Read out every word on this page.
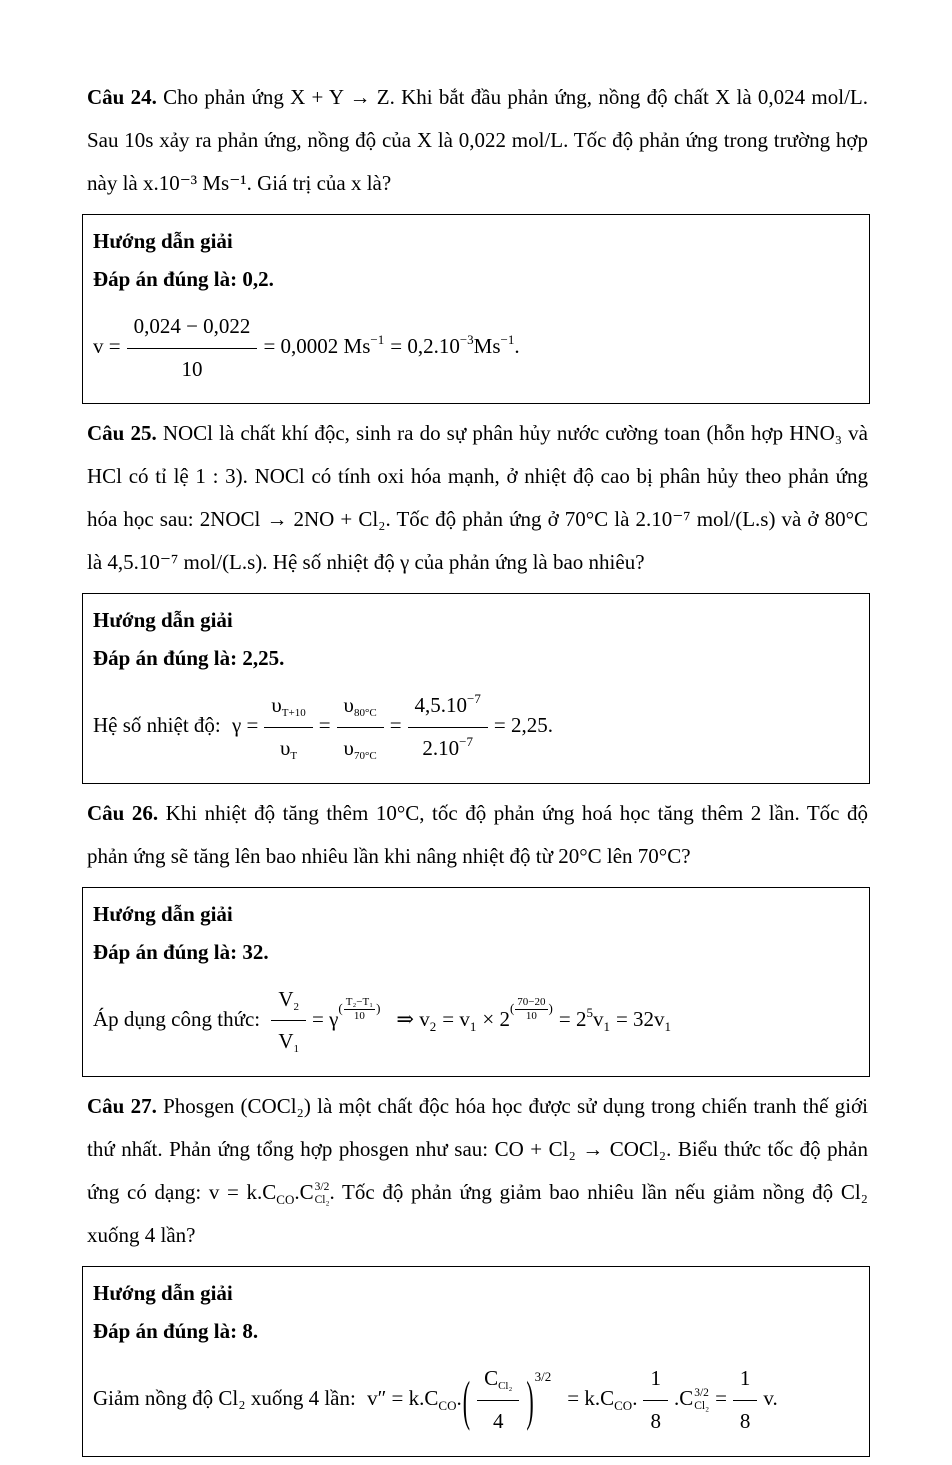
Câu 24. Cho phản ứng X + Y → Z. Khi bắt đầu phản ứng, nồng độ chất X là 0,024 mol/L. Sau 10s xảy ra phản ứng, nồng độ của X là 0,022 mol/L. Tốc độ phản ứng trong trường hợp này là x.10⁻³ Ms⁻¹. Giá trị của x là?

Hướng dẫn giải

Đáp án đúng là: 0,2.

$v = \frac{0,024 - 0,022}{10} = 0,0002$ $Ms^{-1} = 0,2.10^{-3}Ms^{-1}$.

Câu 25. NOCl là chất khí độc, sinh ra do sự phân hủy nước cường toan (hỗn hợp HNO₃ và HCl có tỉ lệ 1 : 3). NOCl có tính oxi hóa mạnh, ở nhiệt độ cao bị phân hủy theo phản ứng hóa học sau: 2NOCl → 2NO + Cl₂. Tốc độ phản ứng ở 70°C là 2.10⁻⁷ mol/(L.s) và ở 80°C là 4,5.10⁻⁷ mol/(L.s). Hệ số nhiệt độ γ của phản ứng là bao nhiêu?

Hướng dẫn giải

Đáp án đúng là: 2,25.

Hệ số nhiệt độ: $\gamma = \frac{\upsilon T+10}{\upsilon T} = \frac{\upsilon 80^\circ C}{\upsilon 70^\circ C} = \frac{4,5.10^{-7}}{2.10^{-7}} = 2,25$.

Câu 26. Khi nhiệt độ tăng thêm 10°C, tốc độ phản ứng hoá học tăng thêm 2 lần. Tốc độ phản ứng sẽ tăng lên bao nhiêu lần khi nâng nhiệt độ từ 20°C lên 70°C?

Hướng dẫn giải

Đáp án đúng là: 32.

Áp dụng công thức: $\frac{V2}{V1} = \gamma( \frac{\text{T₂−T₁}}{10}$ ) ⇒ $v_2 = v_1 \times 2( \frac{70-20}{10}$ ) = $2^5v_1 = 32v_1$

Câu 27. Phosgen (COCl₂) là một chất độc hóa học được sử dụng trong chiến tranh thế giới thứ nhất. Phản ứng tổng hợp phosgen như sau: CO + Cl₂ → COCl₂. Biểu thức tốc độ phản ứng có dạng: $v = k.C_{CO}.C$ 3/2
Cl₂ . Tốc độ phản ứng giảm bao nhiêu lần nếu giảm nồng độ Cl₂ xuống 4 lần?

Hướng dẫn giải

Đáp án đúng là: 8.

Giảm nồng độ Cl₂ xuống 4 lần: $v'' = k.C_{CO}.( \frac{\text{CCl₂}}{4} )^{3/2}= k.C_{CO}$. $\frac{1}{8} .C$ 3/2
$Cl_2 = \frac{1}{8} v$.
